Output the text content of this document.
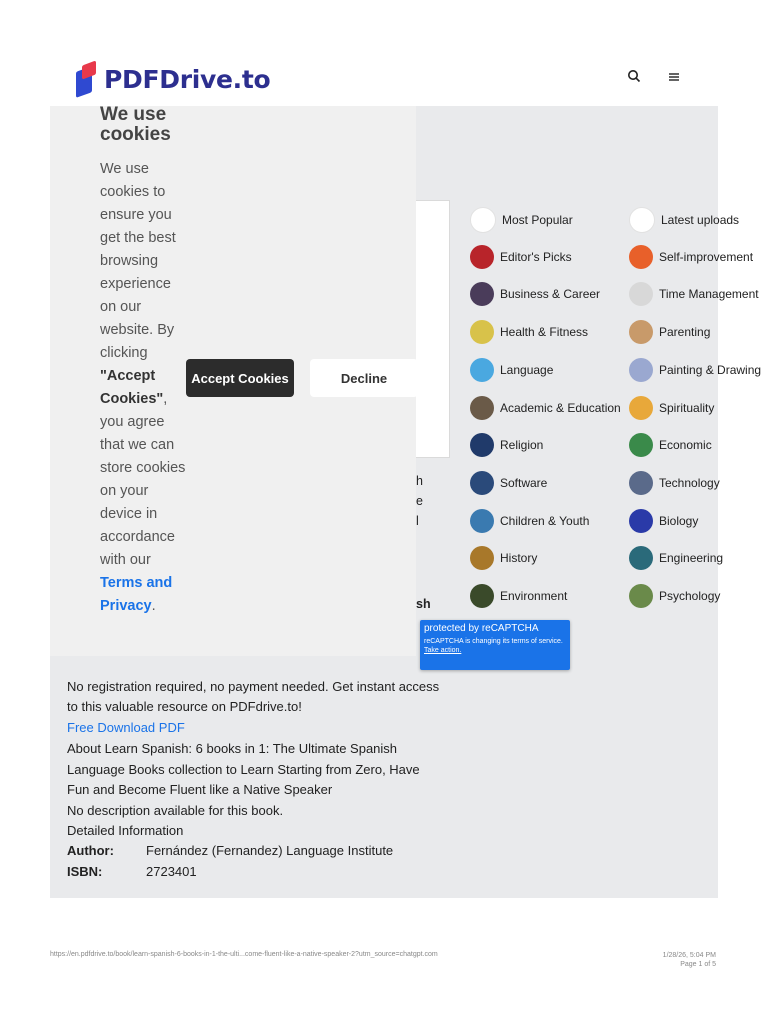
PDFDrive.to
Most Popular
Editor's Picks
Business & Career
Health & Fitness
Language
Academic & Education
Religion
Software
Children & Youth
History
Environment
Latest uploads
Self-improvement
Time Management
Parenting
Painting & Drawing
Spirituality
Economic
Technology
Biology
Engineering
Psychology
h
e
l
sh
We use
cookies
We use cookies to ensure you get the best browsing experience on our website. By clicking "Accept Cookies", you agree that we can store cookies on your device in accordance with our Terms and Privacy.
Accept Cookies	Decline
protected by reCAPTCHA
reCAPTCHA is changing its terms of service. Take action.
No registration required, no payment needed. Get instant access
to this valuable resource on PDFdrive.to!
Free Download PDF
About Learn Spanish: 6 books in 1: The Ultimate Spanish
Language Books collection to Learn Starting from Zero, Have
Fun and Become Fluent like a Native Speaker
No description available for this book.
Detailed Information
Author: Fernández (Fernandez) Language Institute
ISBN:	2723401
https://en.pdfdrive.to/book/learn-spanish-6-books-in-1-the-ulti...come-fluent-like-a-native-speaker-2?utm_source=chatgpt.com	1/28/26, 5:04 PM
Page 1 of 5
